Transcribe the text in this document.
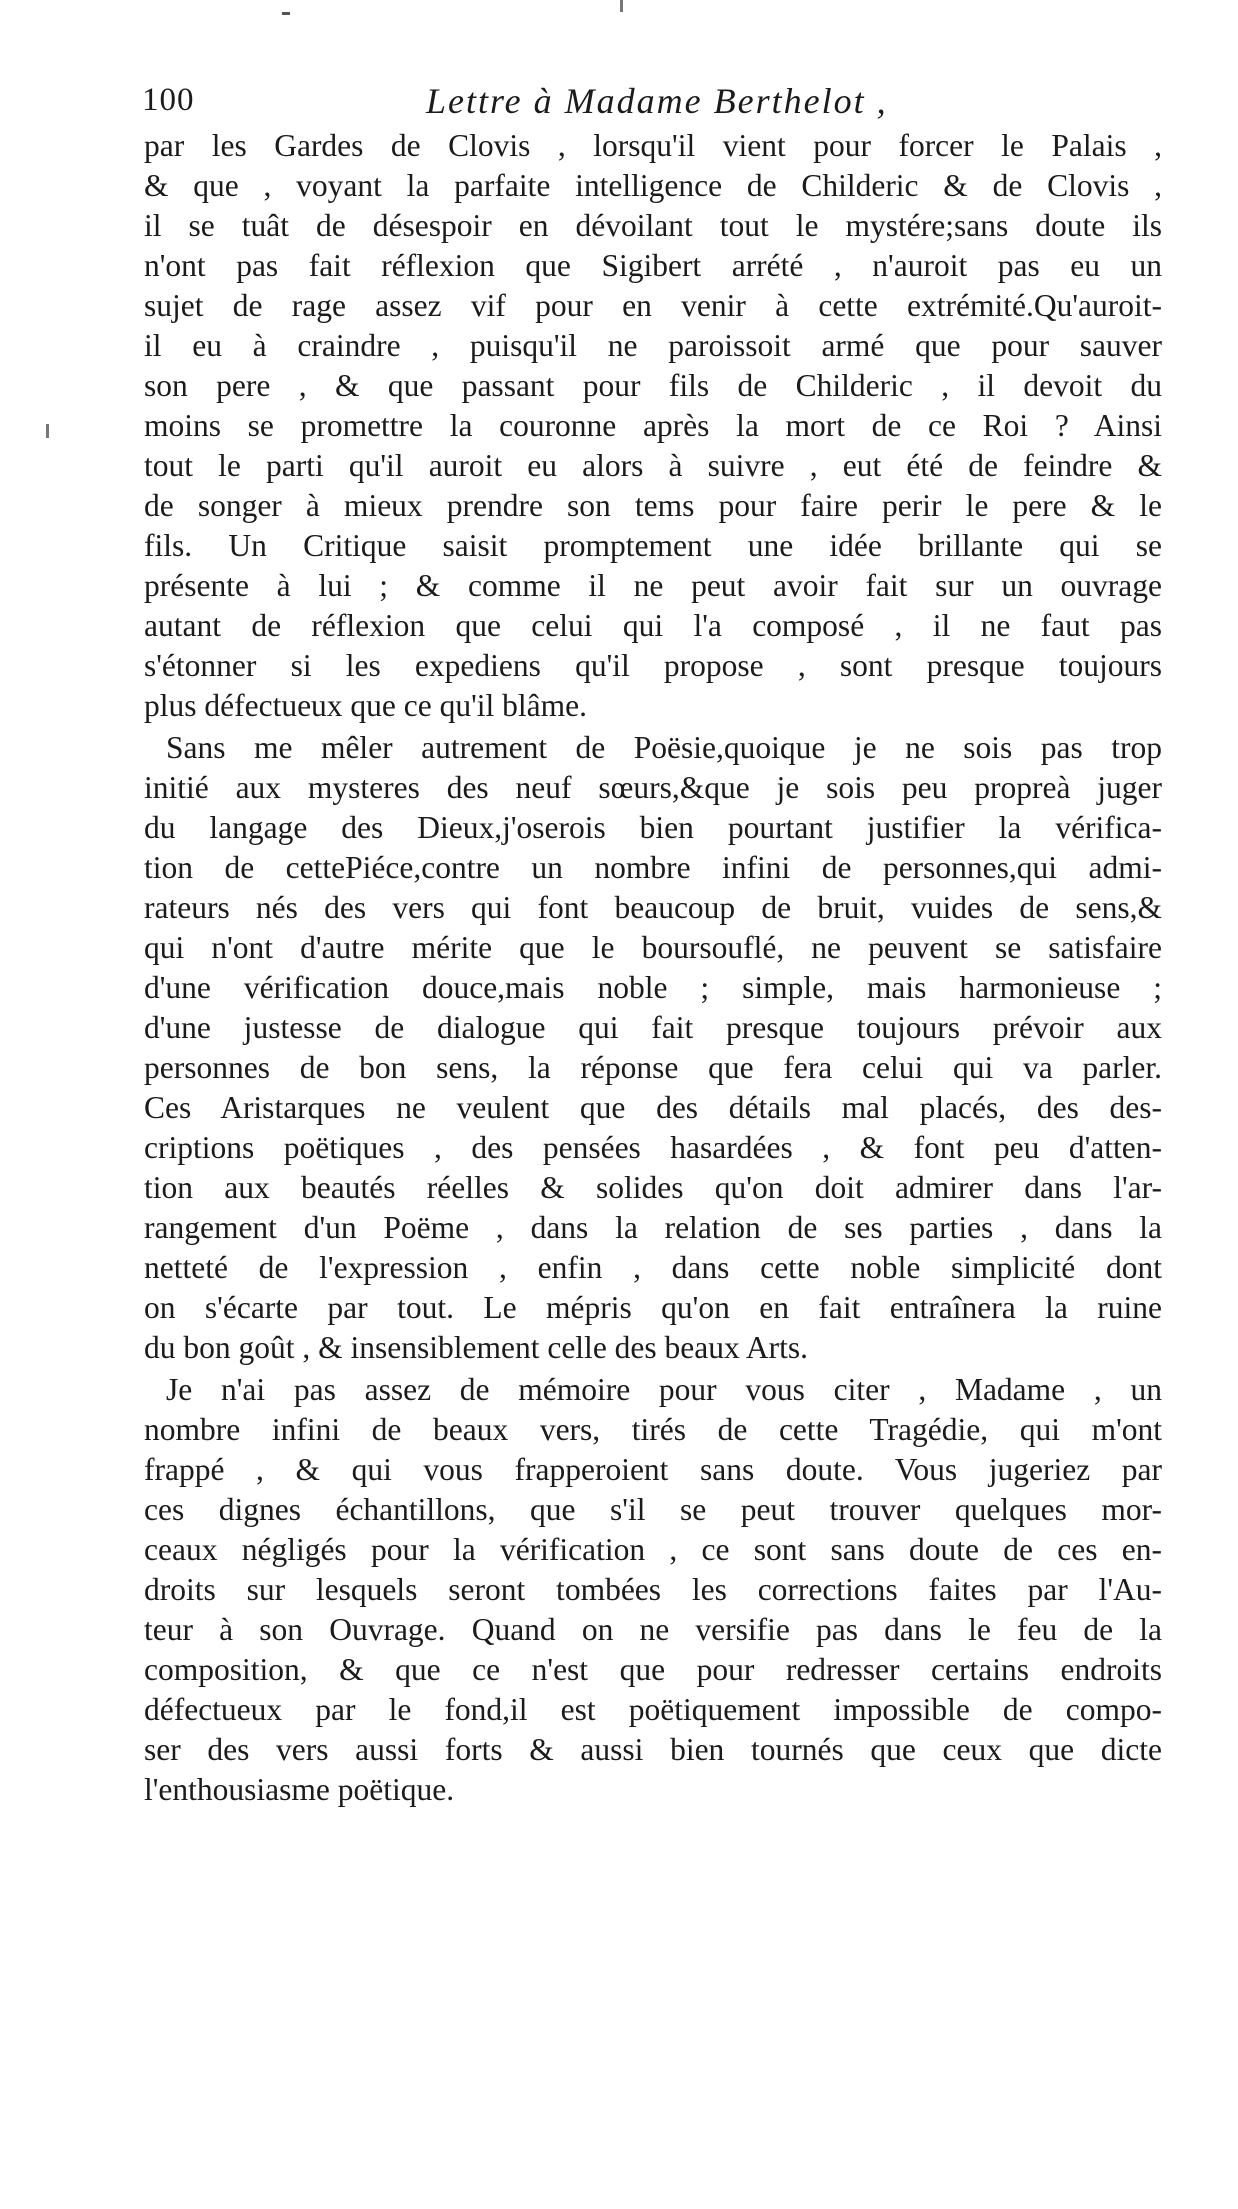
100	Lettre à Madame Berthelot ,
par les Gardes de Clovis , lorsqu'il vient pour forcer le Palais ,
& que , voyant la parfaite intelligence de Childeric & de Clovis ,
il se tuât de désespoir en dévoilant tout le mystére;sans doute ils
n'ont pas fait réflexion que Sigibert arrété , n'auroit pas eu un
sujet de rage assez vif pour en venir à cette extrémité.Qu'auroit-
il eu à craindre , puisqu'il ne paroissoit armé que pour sauver
son pere , & que passant pour fils de Childeric , il devoit du
moins se promettre la couronne après la mort de ce Roi ? Ainsi
tout le parti qu'il auroit eu alors à suivre , eut été de feindre &
de songer à mieux prendre son tems pour faire perir le pere & le
fils. Un Critique saisit promptement une idée brillante qui se
présente à lui ; & comme il ne peut avoir fait sur un ouvrage
autant de réflexion que celui qui l'a composé , il ne faut pas
s'étonner si les expediens qu'il propose , sont presque toujours
plus défectueux que ce qu'il blâme.
Sans me mêler autrement de Poësie,quoique je ne sois pas trop
initié aux mysteres des neuf sœurs,&que je sois peu propreà juger
du langage des Dieux,j'oserois bien pourtant justifier la vérifica-
tion de cettePiéce,contre un nombre infini de personnes,qui admi-
rateurs nés des vers qui font beaucoup de bruit, vuides de sens,&
qui n'ont d'autre mérite que le boursouflé, ne peuvent se satisfaire
d'une vérification douce,mais noble ; simple, mais harmonieuse ;
d'une justesse de dialogue qui fait presque toujours prévoir aux
personnes de bon sens, la réponse que fera celui qui va parler.
Ces Aristarques ne veulent que des détails mal placés, des des-
criptions poëtiques , des pensées hasardées , & font peu d'atten-
tion aux beautés réelles & solides qu'on doit admirer dans l'ar-
rangement d'un Poëme , dans la relation de ses parties , dans la
netteté de l'expression , enfin , dans cette noble simplicité dont
on s'écarte par tout. Le mépris qu'on en fait entraînera la ruine
du bon goût , & insensiblement celle des beaux Arts.
Je n'ai pas assez de mémoire pour vous citer , Madame , un
nombre infini de beaux vers, tirés de cette Tragédie, qui m'ont
frappé , & qui vous frapperoient sans doute. Vous jugeriez par
ces dignes échantillons, que s'il se peut trouver quelques mor-
ceaux négligés pour la vérification , ce sont sans doute de ces en-
droits sur lesquels seront tombées les corrections faites par l'Au-
teur à son Ouvrage. Quand on ne versifie pas dans le feu de la
composition, & que ce n'est que pour redresser certains endroits
défectueux par le fond,il est poëtiquement impossible de compo-
ser des vers aussi forts & aussi bien tournés que ceux que dicte
l'enthousiasme poëtique.
